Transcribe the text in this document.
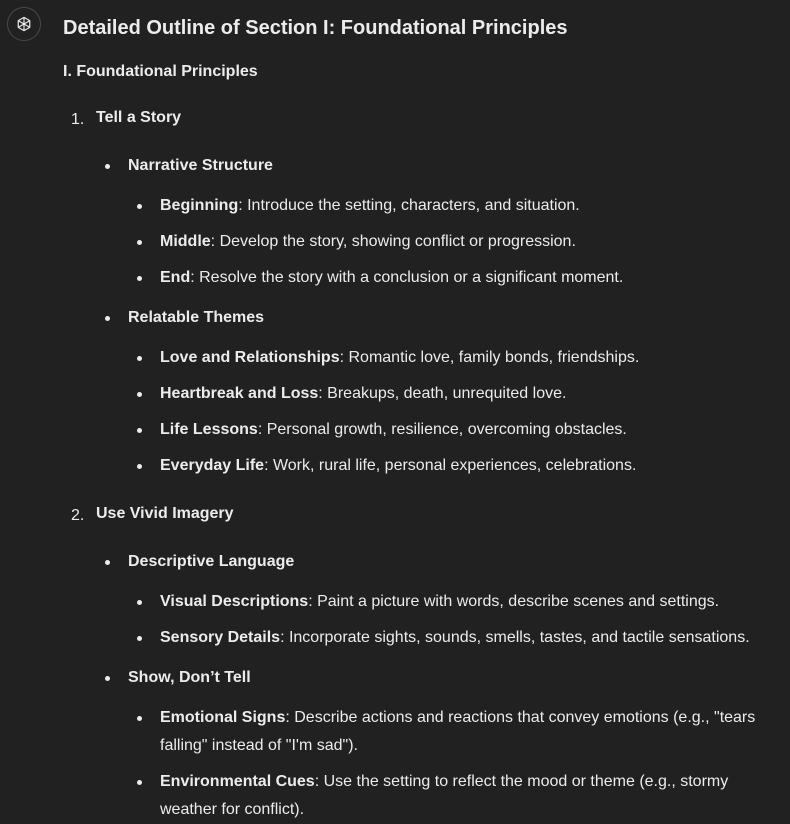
Detailed Outline of Section I: Foundational Principles

I. Foundational Principles

1. Tell a Story
Narrative Structure
Beginning: Introduce the setting, characters, and situation.
Middle: Develop the story, showing conflict or progression.
End: Resolve the story with a conclusion or a significant moment.
Relatable Themes
Love and Relationships: Romantic love, family bonds, friendships.
Heartbreak and Loss: Breakups, death, unrequited love.
Life Lessons: Personal growth, resilience, overcoming obstacles.
Everyday Life: Work, rural life, personal experiences, celebrations.
2. Use Vivid Imagery
Descriptive Language
Visual Descriptions: Paint a picture with words, describe scenes and settings.
Sensory Details: Incorporate sights, sounds, smells, tastes, and tactile sensations.
Show, Don’t Tell
Emotional Signs: Describe actions and reactions that convey emotions (e.g., "tears falling" instead of "I'm sad").
Environmental Cues: Use the setting to reflect the mood or theme (e.g., stormy weather for conflict).
